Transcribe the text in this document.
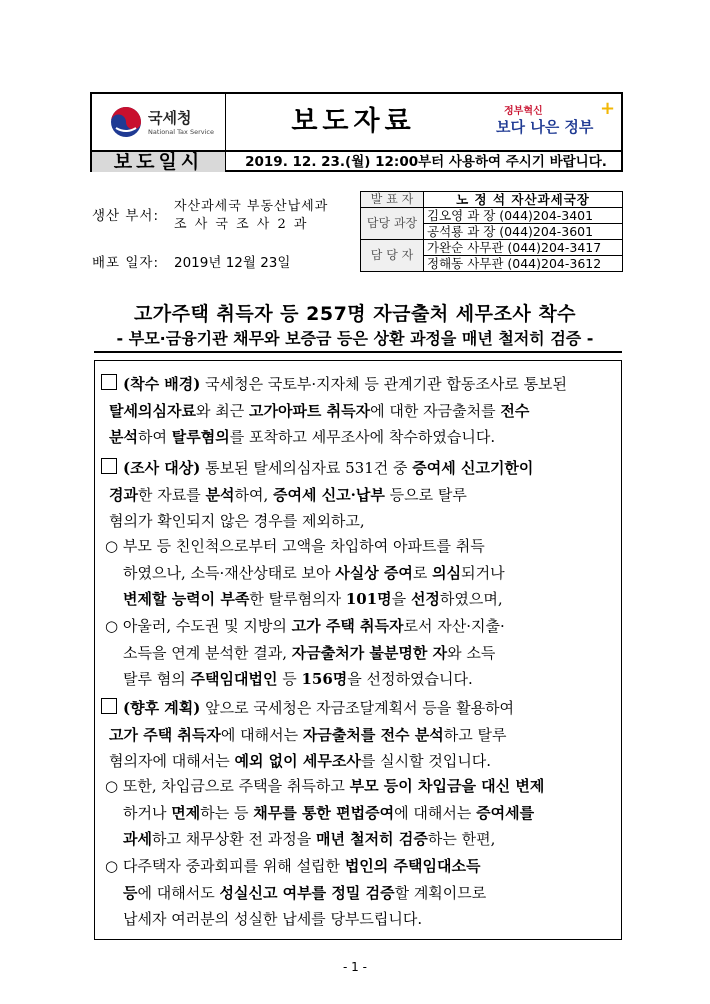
국세청
National Tax Service	보도자료	정부혁신
보다 나은 정부
+
보도일시	2019. 12. 23.(월) 12:00부터 사용하여 주시기 바랍니다.
생산 부서:
자산과세국 부동산납세과
조 사 국 조 사 2 과
배포 일자: 2019년 12월 23일
발 표 자	노 정 석 자산과세국장
담당 과장	김오영 과 장 (044)204-3401
	공석룡 과 장 (044)204-3601
담 당 자	가완순 사무관 (044)204-3417
	정해동 사무관 (044)204-3612
고가주택 취득자 등 257명 자금출처 세무조사 착수
- 부모·금융기관 채무와 보증금 등은 상환 과정을 매년 철저히 검증 -
(착수 배경) 국세청은 국토부·지자체 등 관계기관 합동조사로 통보된
탈세의심자료와 최근 고가아파트 취득자에 대한 자금출처를 전수
분석하여 탈루혐의를 포착하고 세무조사에 착수하였습니다.
(조사 대상) 통보된 탈세의심자료 531건 중 증여세 신고기한이
경과한 자료를 분석하여, 증여세 신고·납부 등으로 탈루
혐의가 확인되지 않은 경우를 제외하고,
○ 부모 등 친인척으로부터 고액을 차입하여 아파트를 취득
하였으나, 소득·재산상태로 보아 사실상 증여로 의심되거나
변제할 능력이 부족한 탈루혐의자 101명을 선정하였으며,
○ 아울러, 수도권 및 지방의 고가 주택 취득자로서 자산·지출·
소득을 연계 분석한 결과, 자금출처가 불분명한 자와 소득
탈루 혐의 주택임대법인 등 156명을 선정하였습니다.
(향후 계획) 앞으로 국세청은 자금조달계획서 등을 활용하여
고가 주택 취득자에 대해서는 자금출처를 전수 분석하고 탈루
혐의자에 대해서는 예외 없이 세무조사를 실시할 것입니다.
○ 또한, 차입금으로 주택을 취득하고 부모 등이 차입금을 대신 변제
하거나 면제하는 등 채무를 통한 편법증여에 대해서는 증여세를
과세하고 채무상환 전 과정을 매년 철저히 검증하는 한편,
○ 다주택자 중과회피를 위해 설립한 법인의 주택임대소득
등에 대해서도 성실신고 여부를 정밀 검증할 계획이므로
납세자 여러분의 성실한 납세를 당부드립니다.
- 1 -
